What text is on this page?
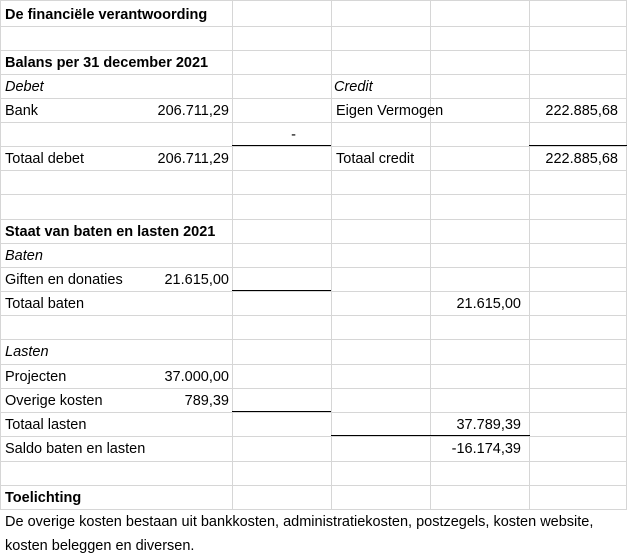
De financiële verantwoording
Balans per 31 december 2021
Debet	Credit
Bank	206.711,29	Eigen Vermogen	222.885,68
-
Totaal debet	206.711,29	Totaal credit	222.885,68
Staat van baten en lasten 2021
Baten
Giften en donaties	21.615,00
Totaal baten	21.615,00
Lasten
Projecten	37.000,00
Overige kosten	789,39
Totaal lasten	37.789,39
Saldo baten en lasten	-16.174,39
Toelichting
De overige kosten bestaan uit bankkosten, administratiekosten, postzegels, kosten website, kosten beleggen en diversen.
